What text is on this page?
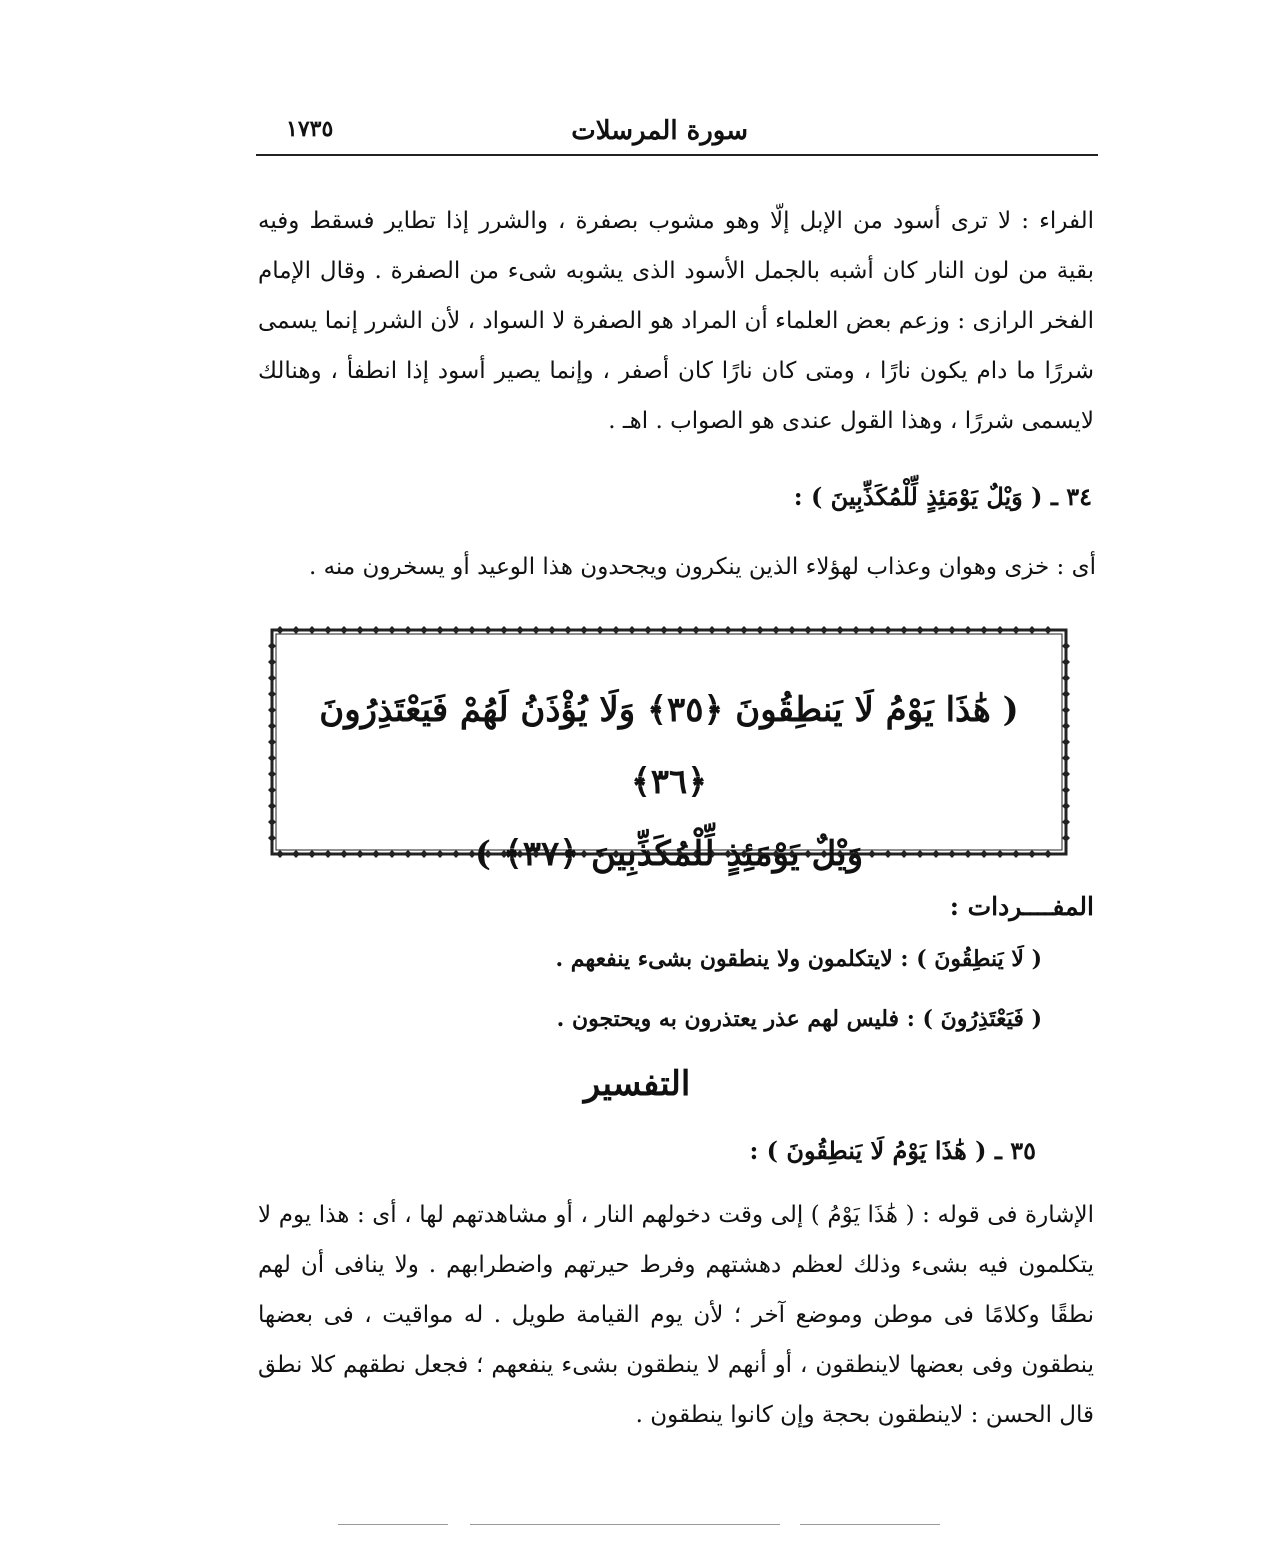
سورة المرسلات
١٧٣٥
الفراء : لا ترى أسود من الإبل إلّا وهو مشوب بصفرة ، والشرر إذا تطاير فسقط وفيه بقية من لون النار كان أشبه بالجمل الأسود الذى يشوبه شىء من الصفرة . وقال الإمام الفخر الرازى : وزعم بعض العلماء أن المراد هو الصفرة لا السواد ، لأن الشرر إنما يسمى شررًا ما دام يكون نارًا ، ومتى كان نارًا كان أصفر ، وإنما يصير أسود إذا انطفأ ، وهنالك لايسمى شررًا ، وهذا القول عندى هو الصواب . اهـ .
٣٤ ـ ( وَيْلٌ يَوْمَئِذٍ لِّلْمُكَذِّبِينَ ) :
أى : خزى وهوان وعذاب لهؤلاء الذين ينكرون ويجحدون هذا الوعيد أو يسخرون منه .
( هَٰذَا يَوْمُ لَا يَنطِقُونَ ﴿٣٥﴾ وَلَا يُؤْذَنُ لَهُمْ فَيَعْتَذِرُونَ ﴿٣٦﴾
وَيْلٌ يَوْمَئِذٍ لِّلْمُكَذِّبِينَ ﴿٣٧﴾ )
المفــــردات :
( لَا يَنطِقُونَ ) : لايتكلمون ولا ينطقون بشىء ينفعهم .
( فَيَعْتَذِرُونَ ) : فليس لهم عذر يعتذرون به ويحتجون .
التفسير
٣٥ ـ ( هَٰذَا يَوْمُ لَا يَنطِقُونَ ) :
الإشارة فى قوله : ( هَٰذَا يَوْمُ ) إلى وقت دخولهم النار ، أو مشاهدتهم لها ، أى : هذا يوم لا يتكلمون فيه بشىء وذلك لعظم دهشتهم وفرط حيرتهم واضطرابهم . ولا ينافى أن لهم نطقًا وكلامًا فى موطن وموضع آخر ؛ لأن يوم القيامة طويل . له مواقيت ، فى بعضها ينطقون وفى بعضها لاينطقون ، أو أنهم لا ينطقون بشىء ينفعهم ؛ فجعل نطقهم كلا نطق قال الحسن : لاينطقون بحجة وإن كانوا ينطقون .
